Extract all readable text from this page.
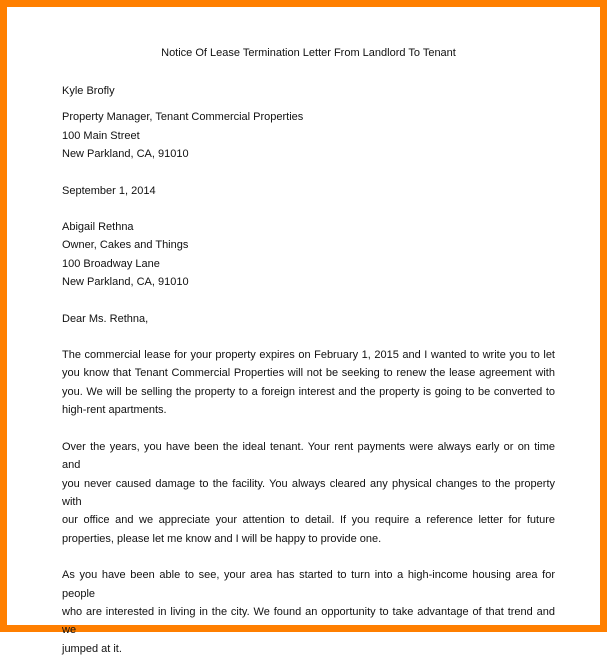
Notice Of Lease Termination Letter From Landlord To Tenant
Kyle Brofly
Property Manager, Tenant Commercial Properties
100 Main Street
New Parkland, CA, 91010
September 1, 2014
Abigail Rethna
Owner, Cakes and Things
100 Broadway Lane
New Parkland, CA, 91010
Dear Ms. Rethna,
The commercial lease for your property expires on February 1, 2015 and I wanted to write you to let
you know that Tenant Commercial Properties will not be seeking to renew the lease agreement with
you. We will be selling the property to a foreign interest and the property is going to be converted to
high-rent apartments.
Over the years, you have been the ideal tenant. Your rent payments were always early or on time and
you never caused damage to the facility. You always cleared any physical changes to the property with
our office and we appreciate your attention to detail. If you require a reference letter for future
properties, please let me know and I will be happy to provide one.
As you have been able to see, your area has started to turn into a high-income housing area for people
who are interested in living in the city. We found an opportunity to take advantage of that trend and we
jumped at it.
